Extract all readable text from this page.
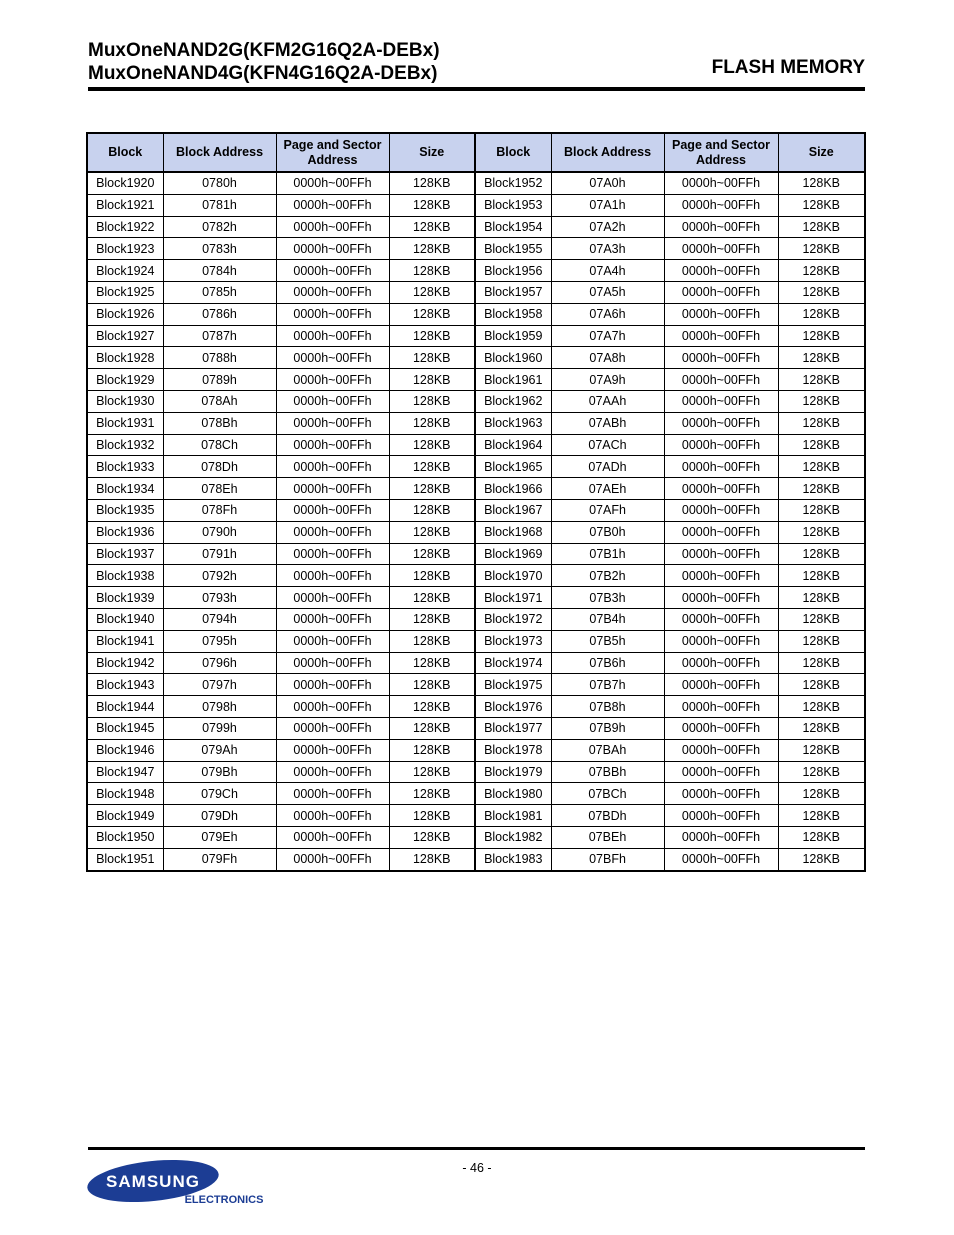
MuxOneNAND2G(KFM2G16Q2A-DEBx)
MuxOneNAND4G(KFN4G16Q2A-DEBx)	FLASH MEMORY
Block	Block Address	Page and Sector Address	Size	Block	Block Address	Page and Sector Address	Size
Block1920	0780h	0000h~00FFh	128KB	Block1952	07A0h	0000h~00FFh	128KB
Block1921	0781h	0000h~00FFh	128KB	Block1953	07A1h	0000h~00FFh	128KB
Block1922	0782h	0000h~00FFh	128KB	Block1954	07A2h	0000h~00FFh	128KB
Block1923	0783h	0000h~00FFh	128KB	Block1955	07A3h	0000h~00FFh	128KB
Block1924	0784h	0000h~00FFh	128KB	Block1956	07A4h	0000h~00FFh	128KB
Block1925	0785h	0000h~00FFh	128KB	Block1957	07A5h	0000h~00FFh	128KB
Block1926	0786h	0000h~00FFh	128KB	Block1958	07A6h	0000h~00FFh	128KB
Block1927	0787h	0000h~00FFh	128KB	Block1959	07A7h	0000h~00FFh	128KB
Block1928	0788h	0000h~00FFh	128KB	Block1960	07A8h	0000h~00FFh	128KB
Block1929	0789h	0000h~00FFh	128KB	Block1961	07A9h	0000h~00FFh	128KB
Block1930	078Ah	0000h~00FFh	128KB	Block1962	07AAh	0000h~00FFh	128KB
Block1931	078Bh	0000h~00FFh	128KB	Block1963	07ABh	0000h~00FFh	128KB
Block1932	078Ch	0000h~00FFh	128KB	Block1964	07ACh	0000h~00FFh	128KB
Block1933	078Dh	0000h~00FFh	128KB	Block1965	07ADh	0000h~00FFh	128KB
Block1934	078Eh	0000h~00FFh	128KB	Block1966	07AEh	0000h~00FFh	128KB
Block1935	078Fh	0000h~00FFh	128KB	Block1967	07AFh	0000h~00FFh	128KB
Block1936	0790h	0000h~00FFh	128KB	Block1968	07B0h	0000h~00FFh	128KB
Block1937	0791h	0000h~00FFh	128KB	Block1969	07B1h	0000h~00FFh	128KB
Block1938	0792h	0000h~00FFh	128KB	Block1970	07B2h	0000h~00FFh	128KB
Block1939	0793h	0000h~00FFh	128KB	Block1971	07B3h	0000h~00FFh	128KB
Block1940	0794h	0000h~00FFh	128KB	Block1972	07B4h	0000h~00FFh	128KB
Block1941	0795h	0000h~00FFh	128KB	Block1973	07B5h	0000h~00FFh	128KB
Block1942	0796h	0000h~00FFh	128KB	Block1974	07B6h	0000h~00FFh	128KB
Block1943	0797h	0000h~00FFh	128KB	Block1975	07B7h	0000h~00FFh	128KB
Block1944	0798h	0000h~00FFh	128KB	Block1976	07B8h	0000h~00FFh	128KB
Block1945	0799h	0000h~00FFh	128KB	Block1977	07B9h	0000h~00FFh	128KB
Block1946	079Ah	0000h~00FFh	128KB	Block1978	07BAh	0000h~00FFh	128KB
Block1947	079Bh	0000h~00FFh	128KB	Block1979	07BBh	0000h~00FFh	128KB
Block1948	079Ch	0000h~00FFh	128KB	Block1980	07BCh	0000h~00FFh	128KB
Block1949	079Dh	0000h~00FFh	128KB	Block1981	07BDh	0000h~00FFh	128KB
Block1950	079Eh	0000h~00FFh	128KB	Block1982	07BEh	0000h~00FFh	128KB
Block1951	079Fh	0000h~00FFh	128KB	Block1983	07BFh	0000h~00FFh	128KB
- 46 -
SAMSUNG
ELECTRONICS
